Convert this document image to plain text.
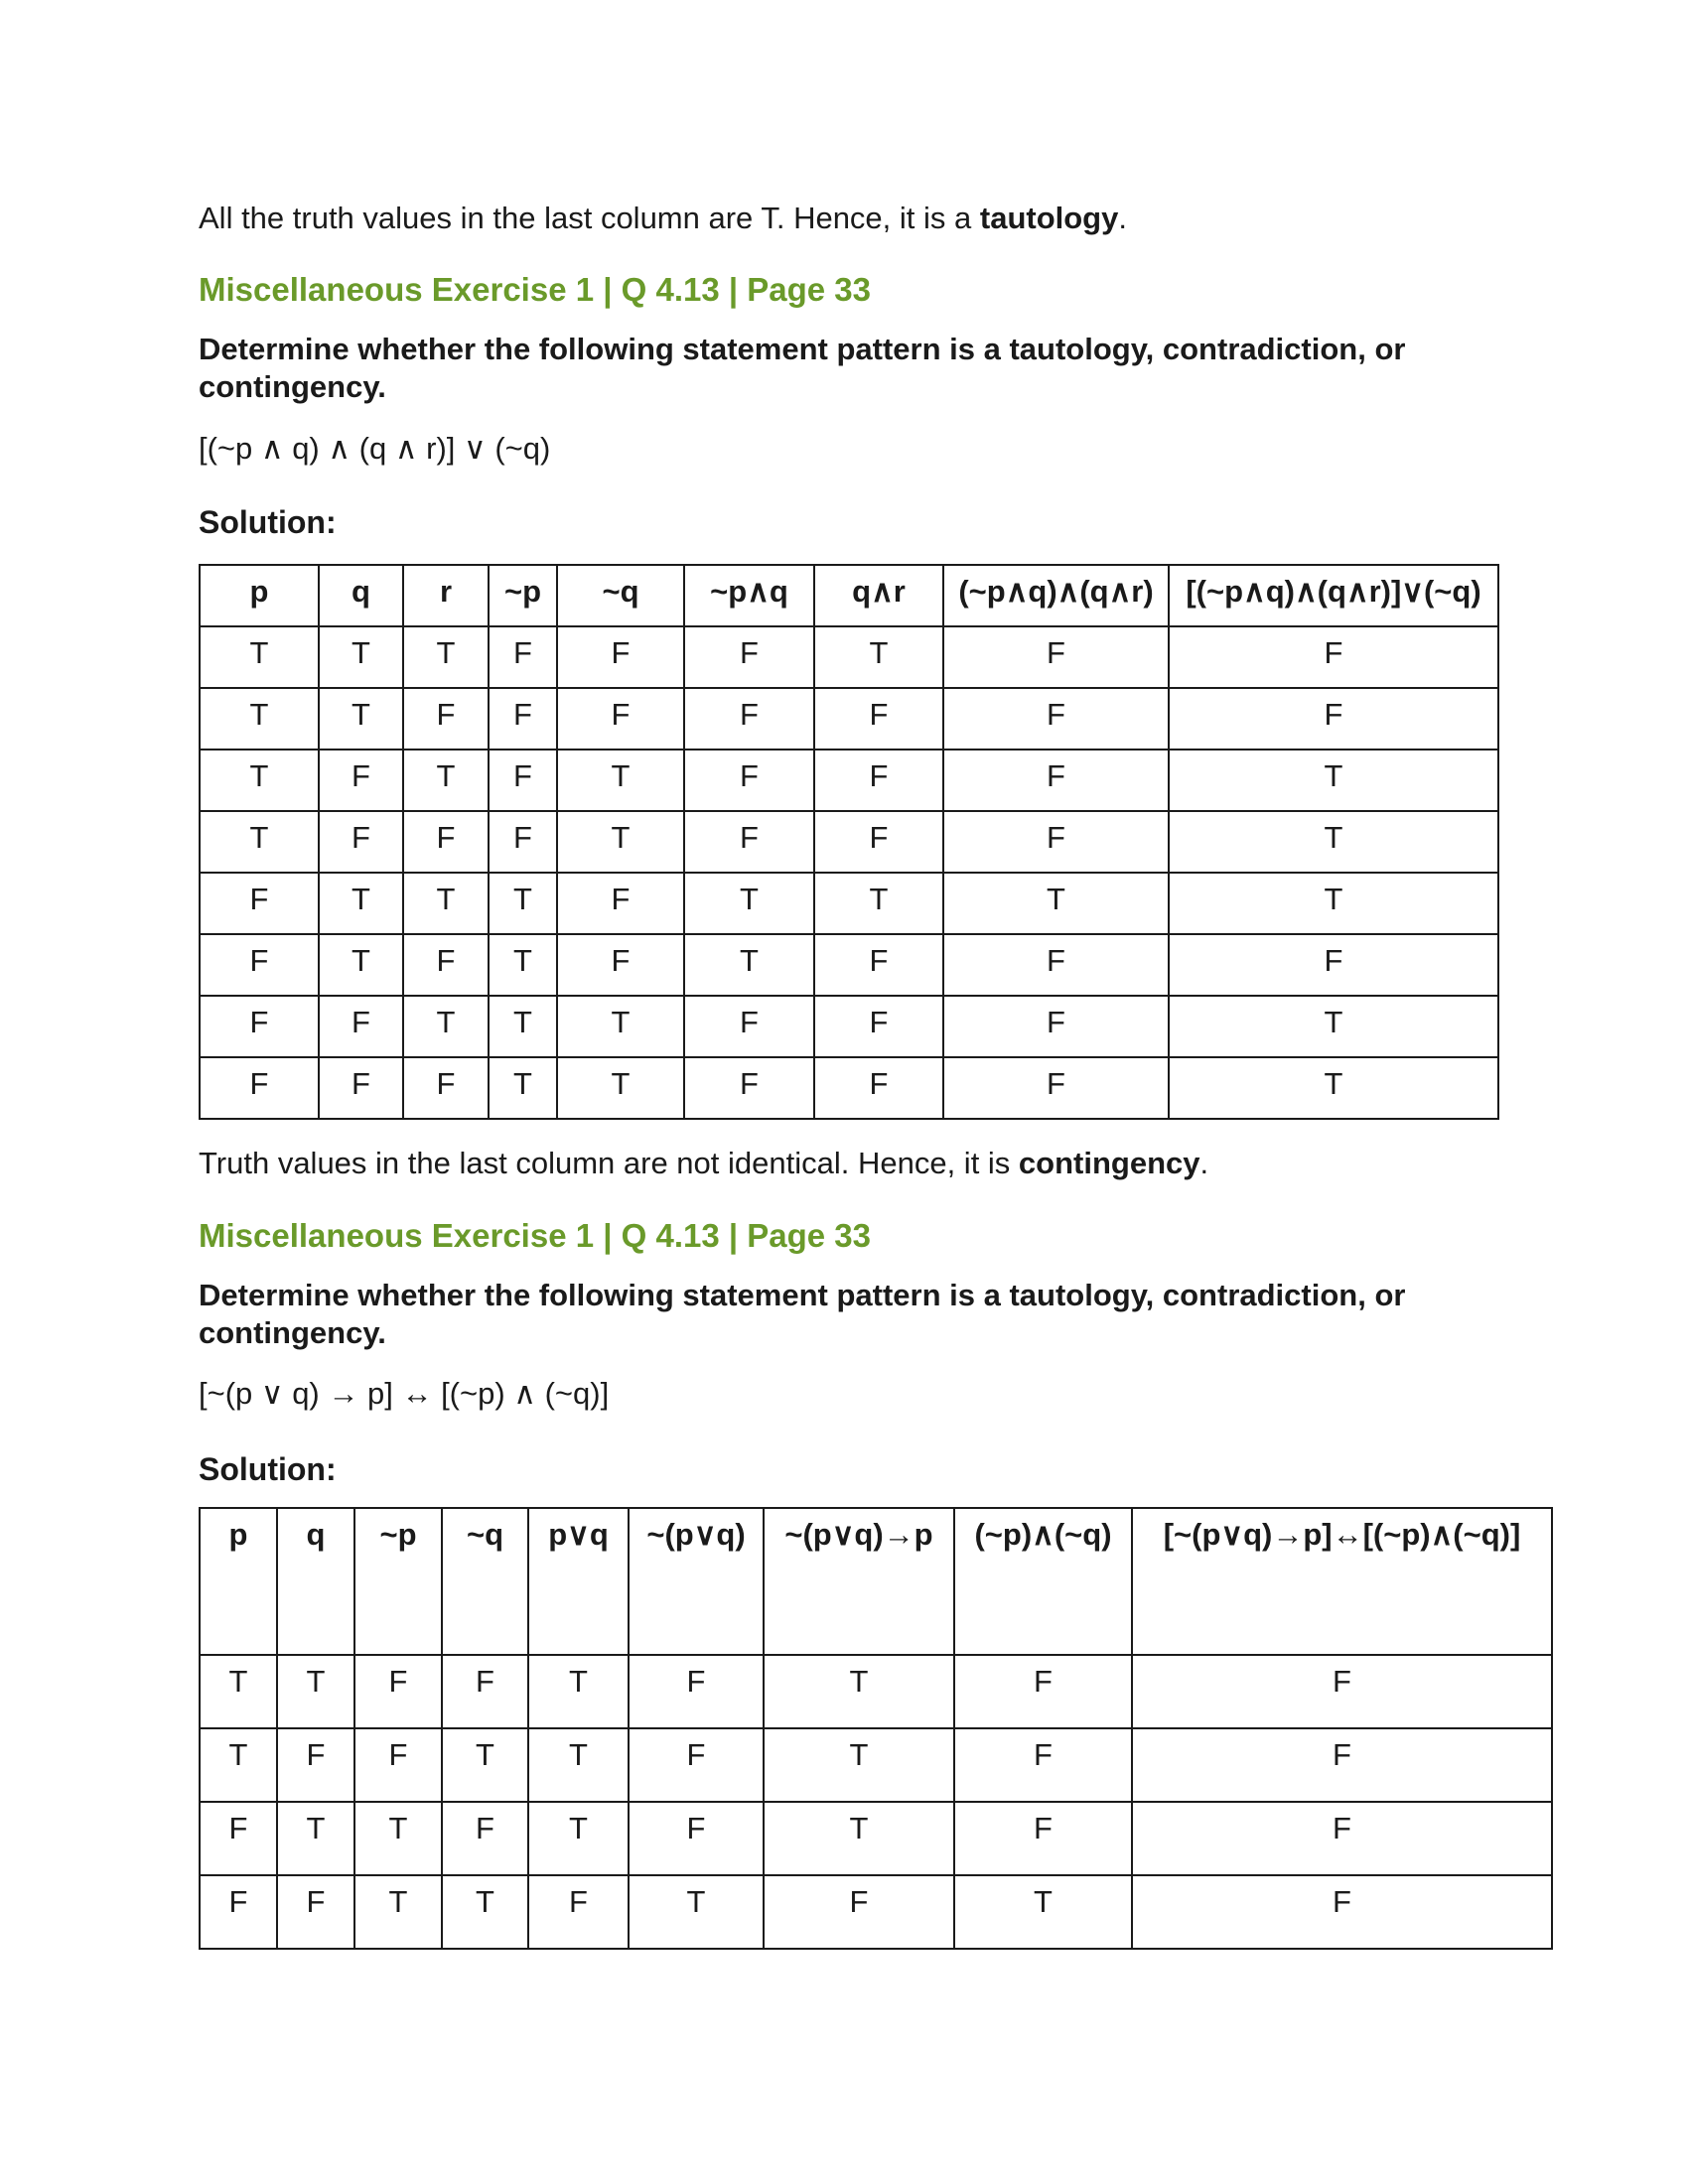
All the truth values in the last column are T. Hence, it is a tautology.

Miscellaneous Exercise 1 | Q 4.13 | Page 33

Determine whether the following statement pattern is a tautology, contradiction, or contingency.

[(~p ∧ q) ∧ (q ∧ r)] ∨ (~q)

Solution:

p	q	r	~p	~q	~p∧q	q∧r	(~p∧q)∧(q∧r)	[(~p∧q)∧(q∧r)]∨(~q)
T	T	T	F	F	F	T	F	F
T	T	F	F	F	F	F	F	F
T	F	T	F	T	F	F	F	T
T	F	F	F	T	F	F	F	T
F	T	T	T	F	T	T	T	T
F	T	F	T	F	T	F	F	F
F	F	T	T	T	F	F	F	T
F	F	F	T	T	F	F	F	T

Truth values in the last column are not identical. Hence, it is contingency.

Miscellaneous Exercise 1 | Q 4.13 | Page 33

Determine whether the following statement pattern is a tautology, contradiction, or contingency.

[~(p ∨ q) → p] ↔ [(~p) ∧ (~q)]

Solution:

p	q	~p	~q	p∨q	~(p∨q)	~(p∨q)→p	(~p)∧(~q)	[~(p∨q)→p]↔[(~p)∧(~q)]
T	T	F	F	T	F	T	F	F
T	F	F	T	T	F	T	F	F
F	T	T	F	T	F	T	F	F
F	F	T	T	F	T	F	T	F
